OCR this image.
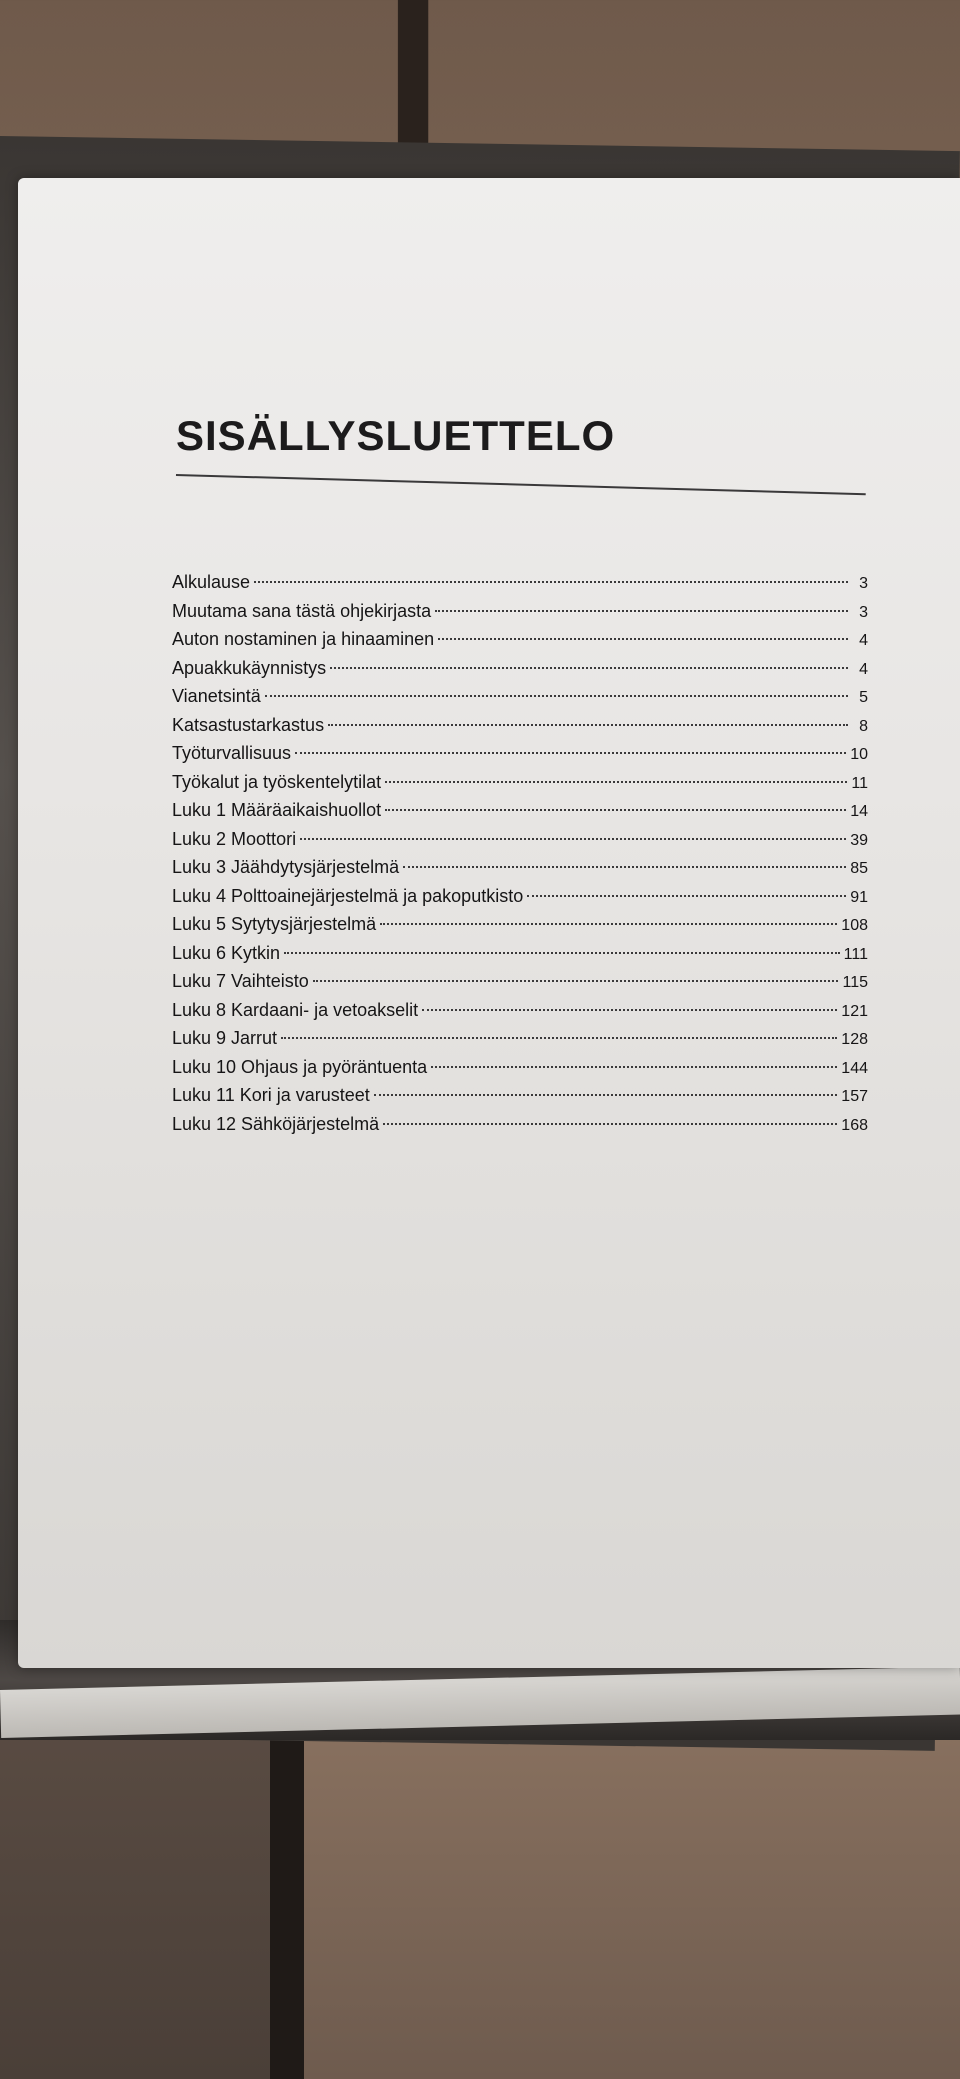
SISÄLLYSLUETTELO
Alkulause	3
Muutama sana tästä ohjekirjasta	3
Auton nostaminen ja hinaaminen	4
Apuakkukäynnistys	4
Vianetsintä	5
Katsastustarkastus	8
Työturvallisuus	10
Työkalut ja työskentelytilat	11
Luku 1 Määräaikaishuollot	14
Luku 2 Moottori	39
Luku 3 Jäähdytysjärjestelmä	85
Luku 4 Polttoainejärjestelmä ja pakoputkisto	91
Luku 5 Sytytysjärjestelmä	108
Luku 6 Kytkin	111
Luku 7 Vaihteisto	115
Luku 8 Kardaani- ja vetoakselit	121
Luku 9 Jarrut	128
Luku 10 Ohjaus ja pyöräntuenta	144
Luku 11 Kori ja varusteet	157
Luku 12 Sähköjärjestelmä	168
